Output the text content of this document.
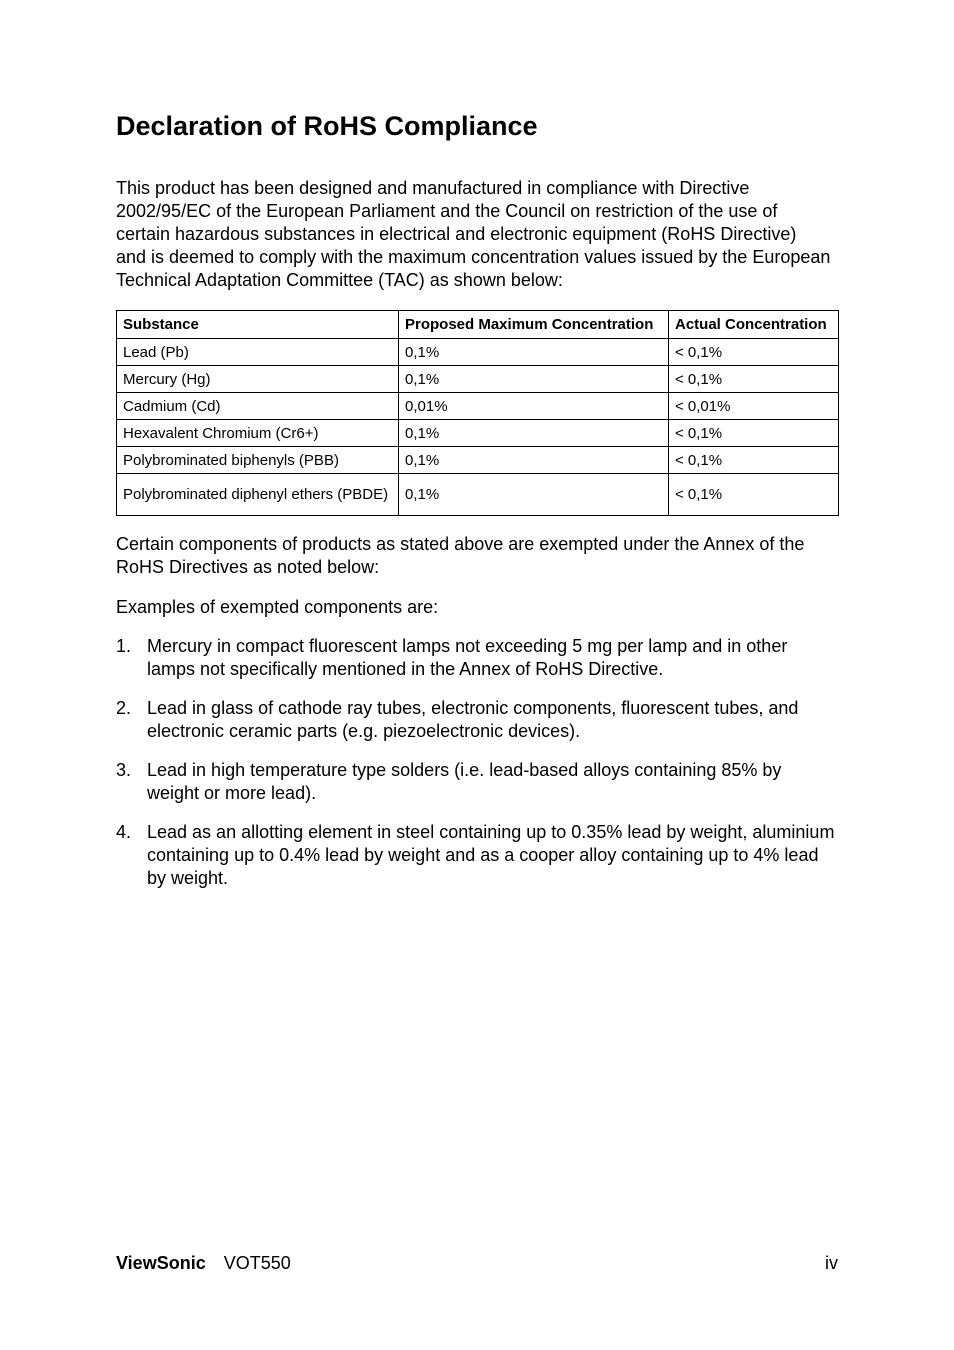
Declaration of RoHS Compliance

This product has been designed and manufactured in compliance with Directive 2002/95/EC of the European Parliament and the Council on restriction of the use of certain hazardous substances in electrical and electronic equipment (RoHS Directive) and is deemed to comply with the maximum concentration values issued by the European Technical Adaptation Committee (TAC) as shown below:

Substance	Proposed Maximum Concentration	Actual Concentration
Lead (Pb)	0,1%	< 0,1%
Mercury (Hg)	0,1%	< 0,1%
Cadmium (Cd)	0,01%	< 0,01%
Hexavalent Chromium (Cr6+)	0,1%	< 0,1%
Polybrominated biphenyls (PBB)	0,1%	< 0,1%
Polybrominated diphenyl ethers (PBDE)	0,1%	< 0,1%

Certain components of products as stated above are exempted under the Annex of the RoHS Directives as noted below:

Examples of exempted components are:

1. Mercury in compact fluorescent lamps not exceeding 5 mg per lamp and in other lamps not specifically mentioned in the Annex of RoHS Directive.
2. Lead in glass of cathode ray tubes, electronic components, fluorescent tubes, and electronic ceramic parts (e.g. piezoelectronic devices).
3. Lead in high temperature type solders (i.e. lead-based alloys containing 85% by weight or more lead).
4. Lead as an allotting element in steel containing up to 0.35% lead by weight, aluminium containing up to 0.4% lead by weight and as a cooper alloy containing up to 4% lead by weight.
ViewSonic VOT550	iv
